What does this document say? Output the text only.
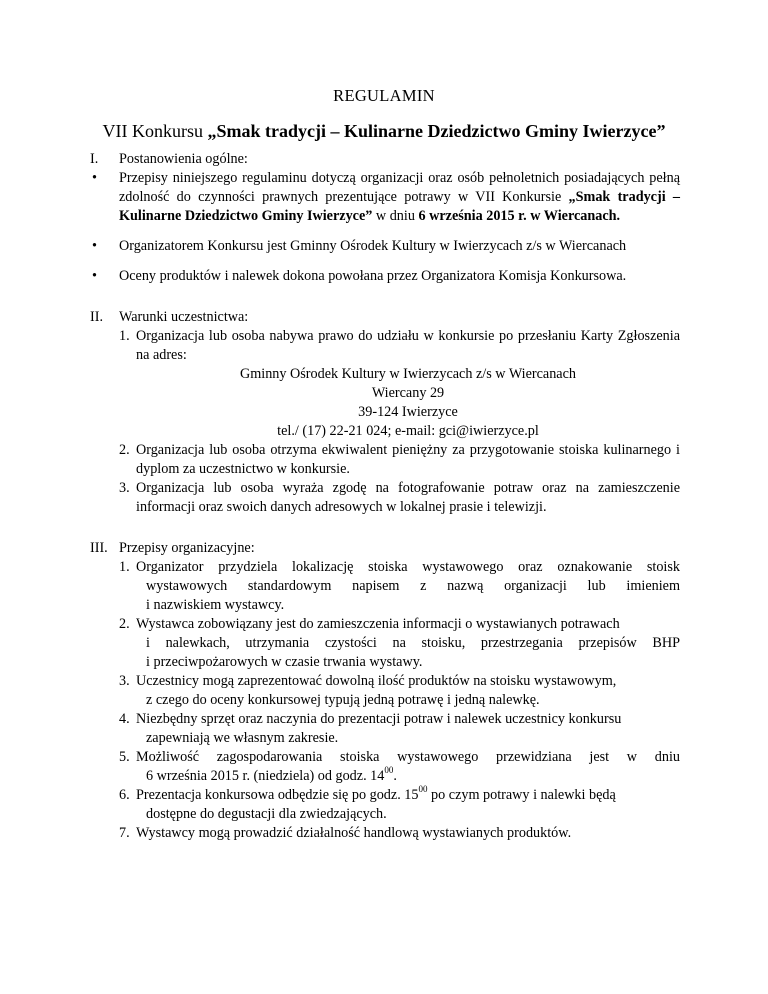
REGULAMIN
VII Konkursu „Smak tradycji – Kulinarne Dziedzictwo Gminy Iwierzyce”
I. Postanowienia ogólne:
• Przepisy niniejszego regulaminu dotyczą organizacji oraz osób pełnoletnich posiadających pełną zdolność do czynności prawnych prezentujące potrawy w VII Konkursie „Smak tradycji – Kulinarne Dziedzictwo Gminy Iwierzyce” w dniu 6 września 2015 r. w Wiercanach.
• Organizatorem Konkursu jest Gminny Ośrodek Kultury w Iwierzycach z/s w Wiercanach
• Oceny produktów i nalewek dokona powołana przez Organizatora Komisja Konkursowa.
II. Warunki uczestnictwa:
1. Organizacja lub osoba nabywa prawo do udziału w konkursie po przesłaniu Karty Zgłoszenia na adres:
Gminny Ośrodek Kultury w Iwierzycach z/s w Wiercanach
Wiercany 29
39-124 Iwierzyce
tel./ (17) 22-21 024; e-mail: gci@iwierzyce.pl
2. Organizacja lub osoba otrzyma ekwiwalent pieniężny za przygotowanie stoiska kulinarnego i dyplom za uczestnictwo w konkursie.
3. Organizacja lub osoba wyraża zgodę na fotografowanie potraw oraz na zamieszczenie informacji oraz swoich danych adresowych w lokalnej prasie i telewizji.
III. Przepisy organizacyjne:
1. Organizator przydziela lokalizację stoiska wystawowego oraz oznakowanie stoisk
wystawowych standardowym napisem z nazwą organizacji lub imieniem
i nazwiskiem wystawcy.
2. Wystawca zobowiązany jest do zamieszczenia informacji o wystawianych potrawach
i nalewkach, utrzymania czystości na stoisku, przestrzegania przepisów BHP
i przeciwpożarowych w czasie trwania wystawy.
3. Uczestnicy mogą zaprezentować dowolną ilość produktów na stoisku wystawowym,
z czego do oceny konkursowej typują jedną potrawę i jedną nalewkę.
4. Niezbędny sprzęt oraz naczynia do prezentacji potraw i nalewek uczestnicy konkursu
zapewniają we własnym zakresie.
5. Możliwość zagospodarowania stoiska wystawowego przewidziana jest w dniu
6 września 2015 r. (niedziela) od godz. $14^{00}$.
6. Prezentacja konkursowa odbędzie się po godz. $15^{00}$ po czym potrawy i nalewki będą
dostępne do degustacji dla zwiedzających.
7. Wystawcy mogą prowadzić działalność handlową wystawianych produktów.
